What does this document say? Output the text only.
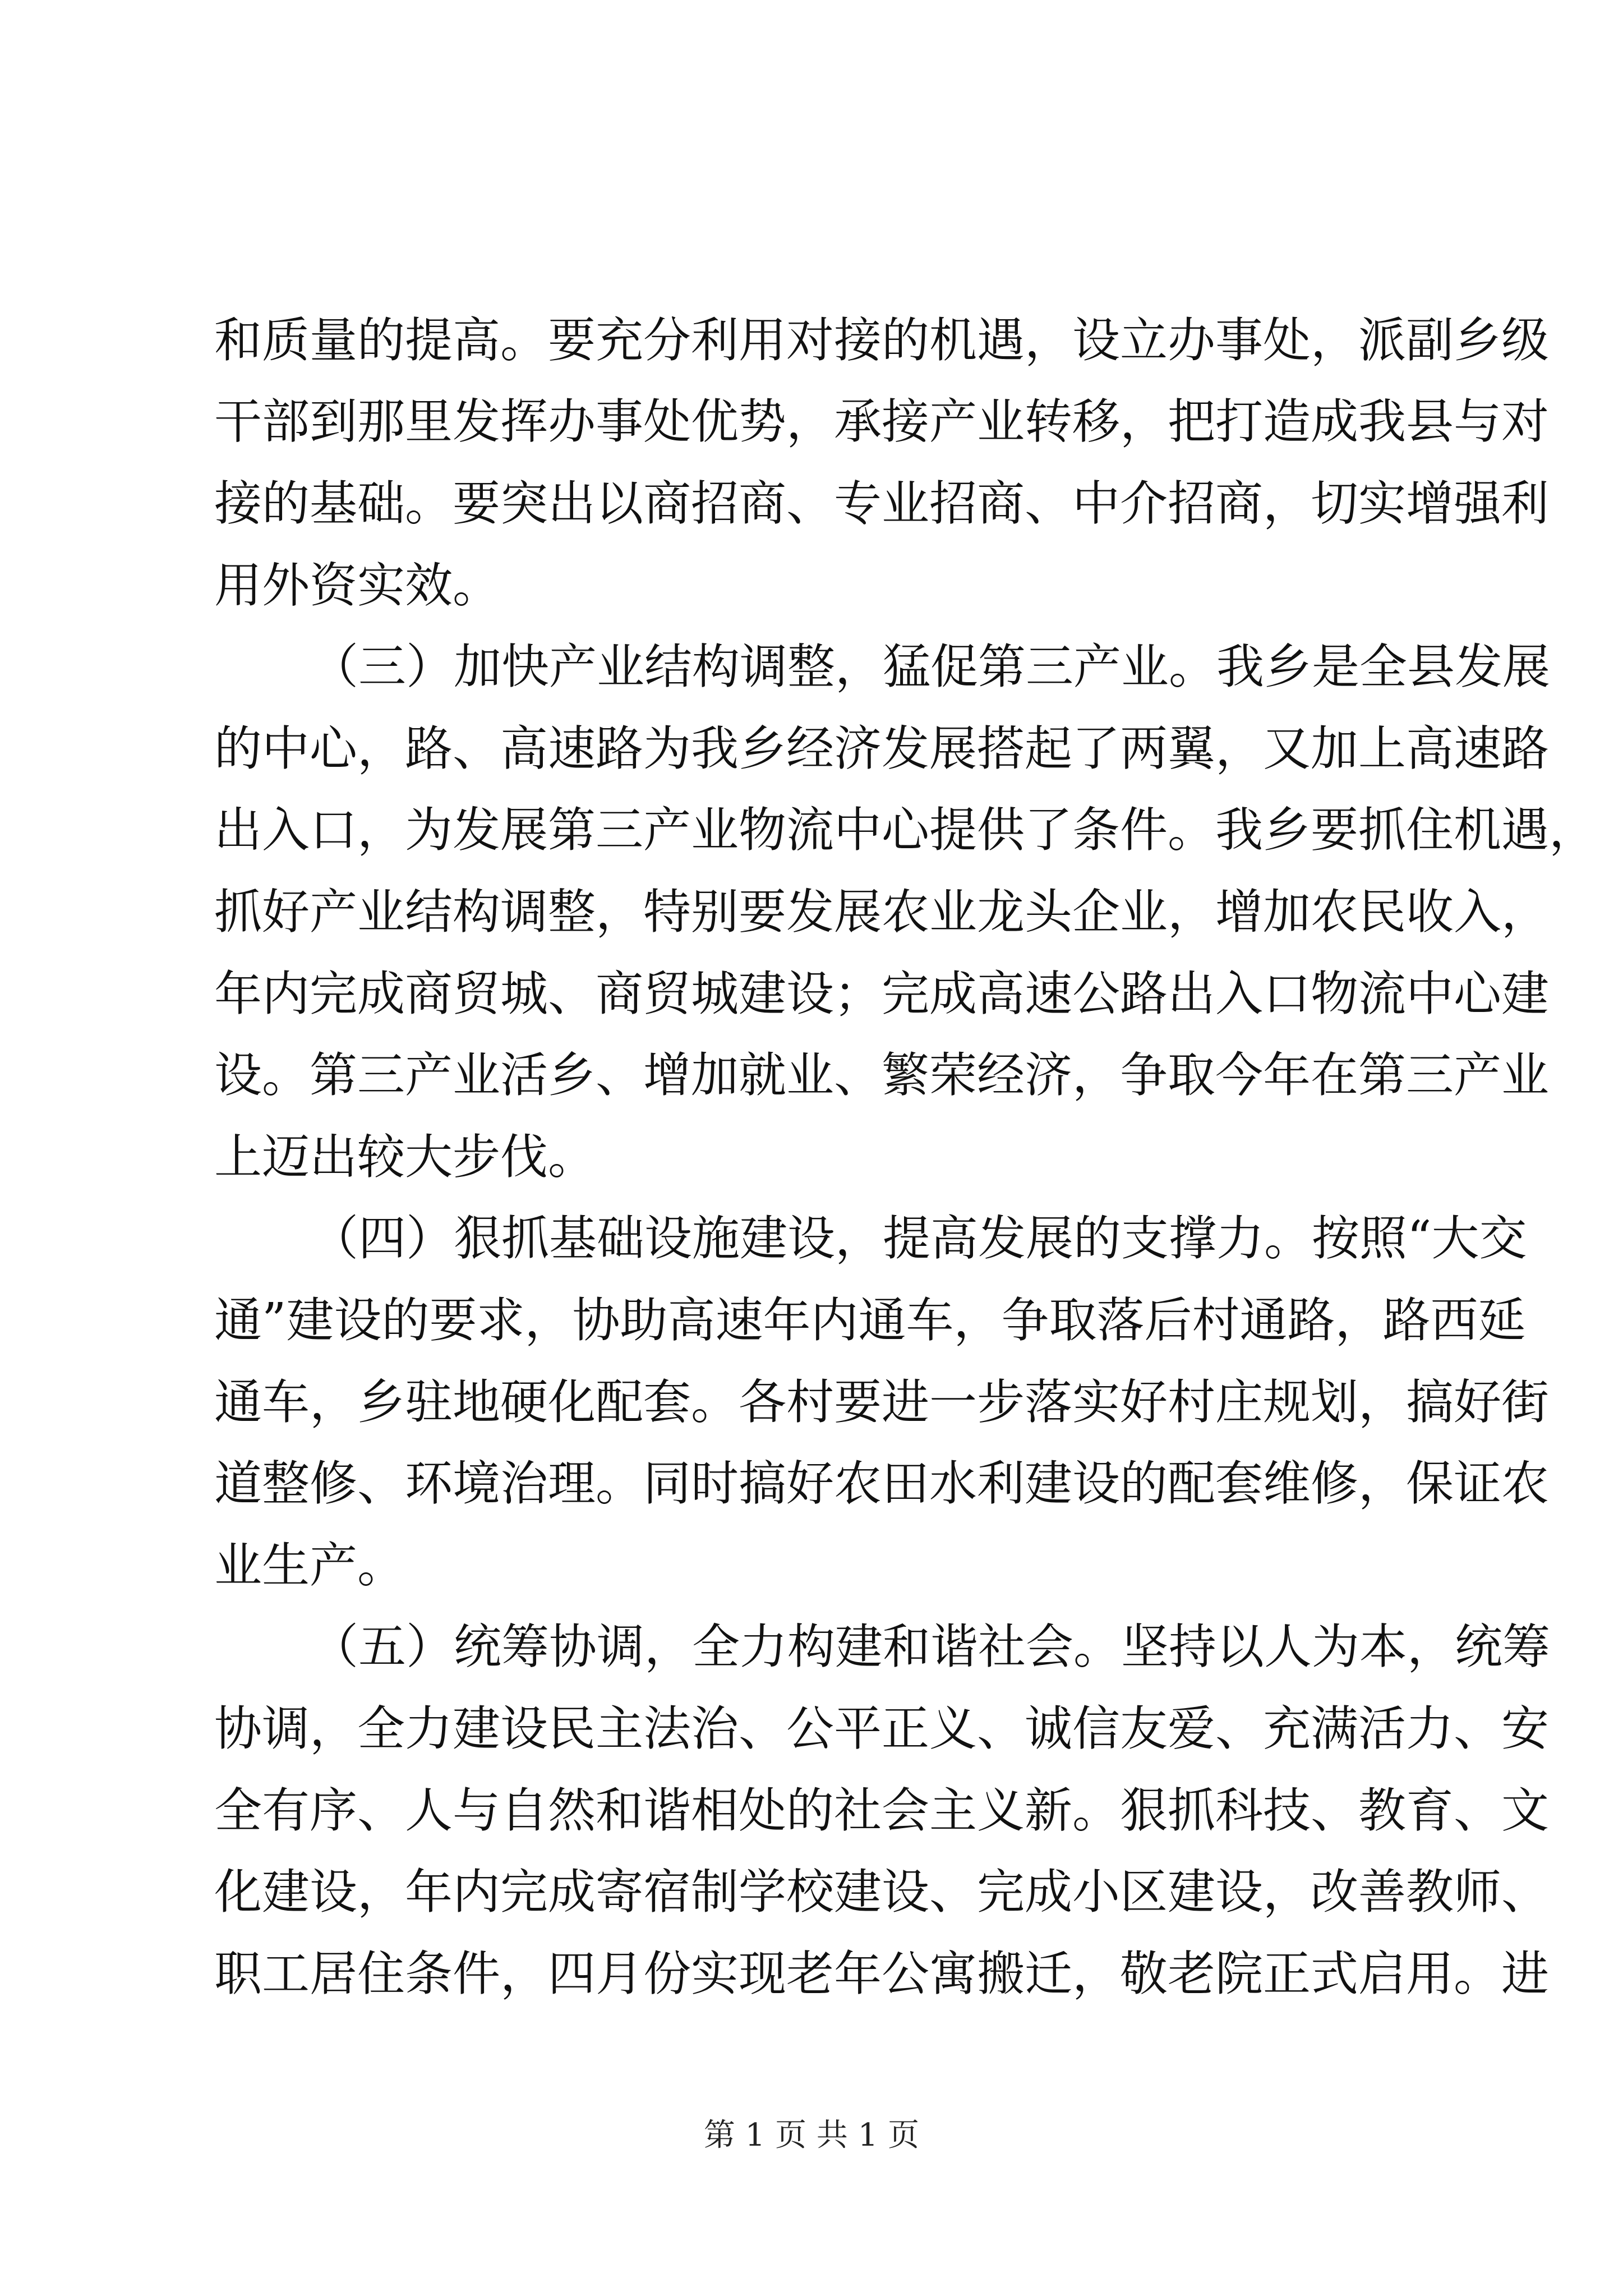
和质量的提高。要充分利用对接的机遇，设立办事处，派副乡级
干部到那里发挥办事处优势，承接产业转移，把打造成我县与对
接的基础。要突出以商招商、专业招商、中介招商，切实增强利
用外资实效。
（三）加快产业结构调整，猛促第三产业。我乡是全县发展
的中心，路、高速路为我乡经济发展搭起了两翼，又加上高速路
出入口，为发展第三产业物流中心提供了条件。我乡要抓住机遇，
抓好产业结构调整，特别要发展农业龙头企业，增加农民收入，
年内完成商贸城、商贸城建设；完成高速公路出入口物流中心建
设。第三产业活乡、增加就业、繁荣经济，争取今年在第三产业
上迈出较大步伐。
（四）狠抓基础设施建设，提高发展的支撑力。按照“大交
通”建设的要求，协助高速年内通车，争取落后村通路，路西延
通车，乡驻地硬化配套。各村要进一步落实好村庄规划，搞好街
道整修、环境治理。同时搞好农田水利建设的配套维修，保证农
业生产。
（五）统筹协调，全力构建和谐社会。坚持以人为本，统筹
协调，全力建设民主法治、公平正义、诚信友爱、充满活力、安
全有序、人与自然和谐相处的社会主义新。狠抓科技、教育、文
化建设，年内完成寄宿制学校建设、完成小区建设，改善教师、
职工居住条件，四月份实现老年公寓搬迁，敬老院正式启用。进
第 1 页 共 1 页
